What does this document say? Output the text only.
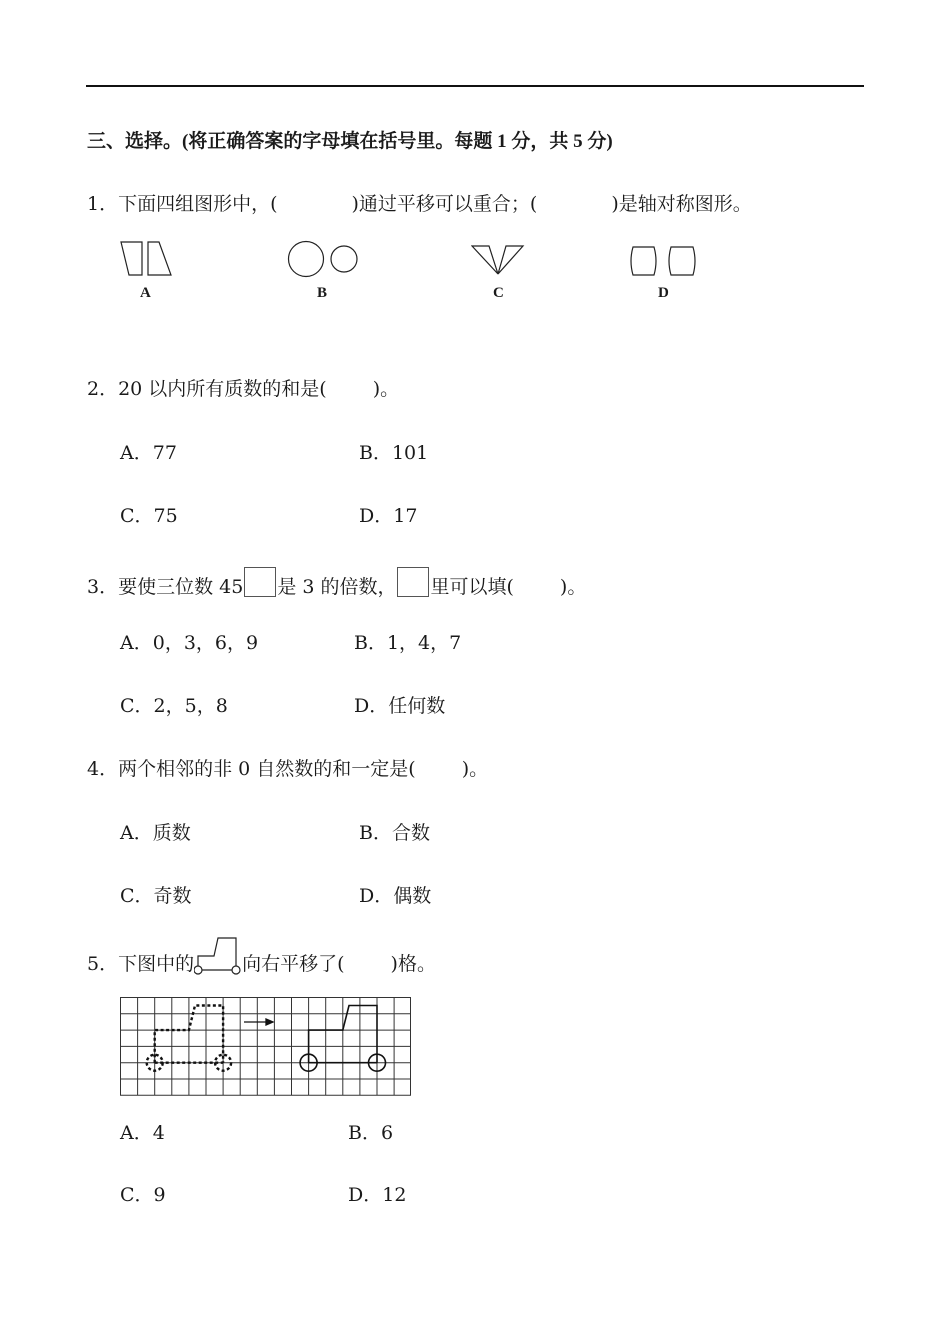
三、选择。(将正确答案的字母填在括号里。每题 1 分，共 5 分)
1．下面四组图形中，(	)通过平移可以重合；(	)是轴对称图形。
A	B	C	D
2．20 以内所有质数的和是( )。
A．77	B．101
C．75	D．17
3．要使三位数 45 是 3 的倍数， 里可以填( )。
A．0，3，6，9	B．1，4，7
C．2，5，8	D．任何数
4．两个相邻的非 0 自然数的和一定是( )。
A．质数	B．合数
C．奇数	D．偶数
5．下图中的	向右平移了( )格。
A．4	B．6
C．9	D．12
